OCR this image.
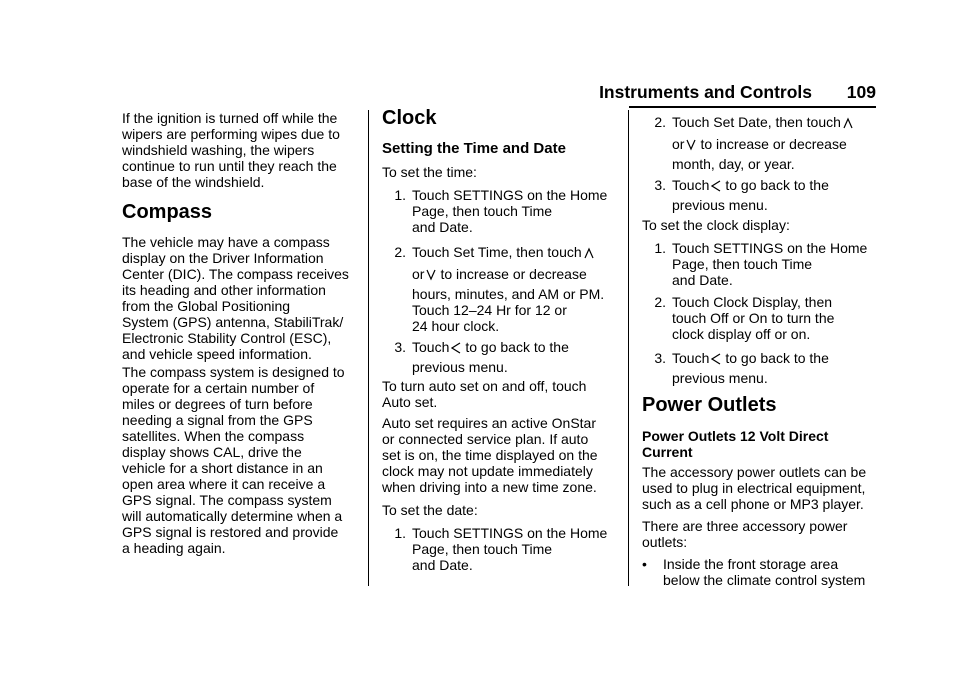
Instruments and Controls 109
If the ignition is turned off while the
wipers are performing wipes due to
windshield washing, the wipers
continue to run until they reach the
base of the windshield.
Compass
The vehicle may have a compass
display on the Driver Information
Center (DIC). The compass receives
its heading and other information
from the Global Positioning
System (GPS) antenna, StabiliTrak/
Electronic Stability Control (ESC),
and vehicle speed information.
The compass system is designed to
operate for a certain number of
miles or degrees of turn before
needing a signal from the GPS
satellites. When the compass
display shows CAL, drive the
vehicle for a short distance in an
open area where it can receive a
GPS signal. The compass system
will automatically determine when a
GPS signal is restored and provide
a heading again.
Clock
Setting the Time and Date
To set the time:
1. Touch SETTINGS on the Home
Page, then touch Time
and Date.
2. Touch Set Time, then touch
or to increase or decrease
hours, minutes, and AM or PM.
Touch 12–24 Hr for 12 or
24 hour clock.
3. Touch to go back to the
previous menu.
To turn auto set on and off, touch
Auto set.
Auto set requires an active OnStar
or connected service plan. If auto
set is on, the time displayed on the
clock may not update immediately
when driving into a new time zone.
To set the date:
1. Touch SETTINGS on the Home
Page, then touch Time
and Date.
2. Touch Set Date, then touch
or to increase or decrease
month, day, or year.
3. Touch to go back to the
previous menu.
To set the clock display:
1. Touch SETTINGS on the Home
Page, then touch Time
and Date.
2. Touch Clock Display, then
touch Off or On to turn the
clock display off or on.
3. Touch to go back to the
previous menu.
Power Outlets
Power Outlets 12 Volt Direct
Current
The accessory power outlets can be
used to plug in electrical equipment,
such as a cell phone or MP3 player.
There are three accessory power
outlets:
• Inside the front storage area
below the climate control system
